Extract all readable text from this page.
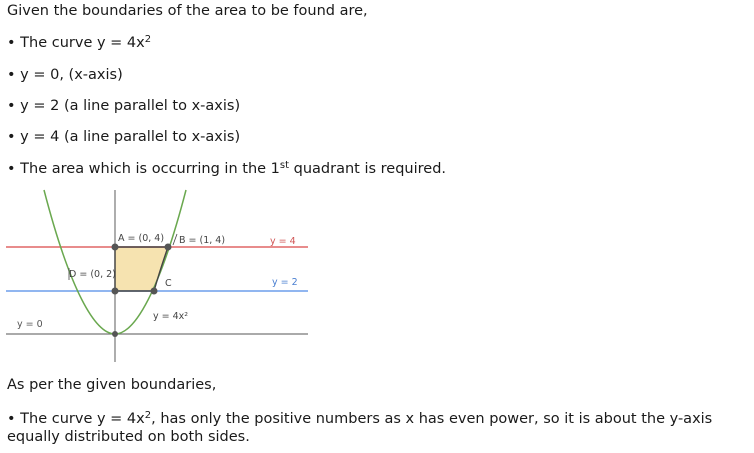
Given the boundaries of the area to be found are,
• The curve $y = 4x^2$
• y = 0, (x-axis)
• y = 2 (a line parallel to x-axis)
• y = 4 (a line parallel to x-axis)
• The area which is occurring in the 1st quadrant is required.
A = (0, 4) B = (1, 4)
D = (0, 2)
C
y = 4
y = 2
y = 0
y = 4x²
As per the given boundaries,
• The curve $y = 4x^2$, has only the positive numbers as x has even power, so it is about the y-axis equally distributed on both sides.
